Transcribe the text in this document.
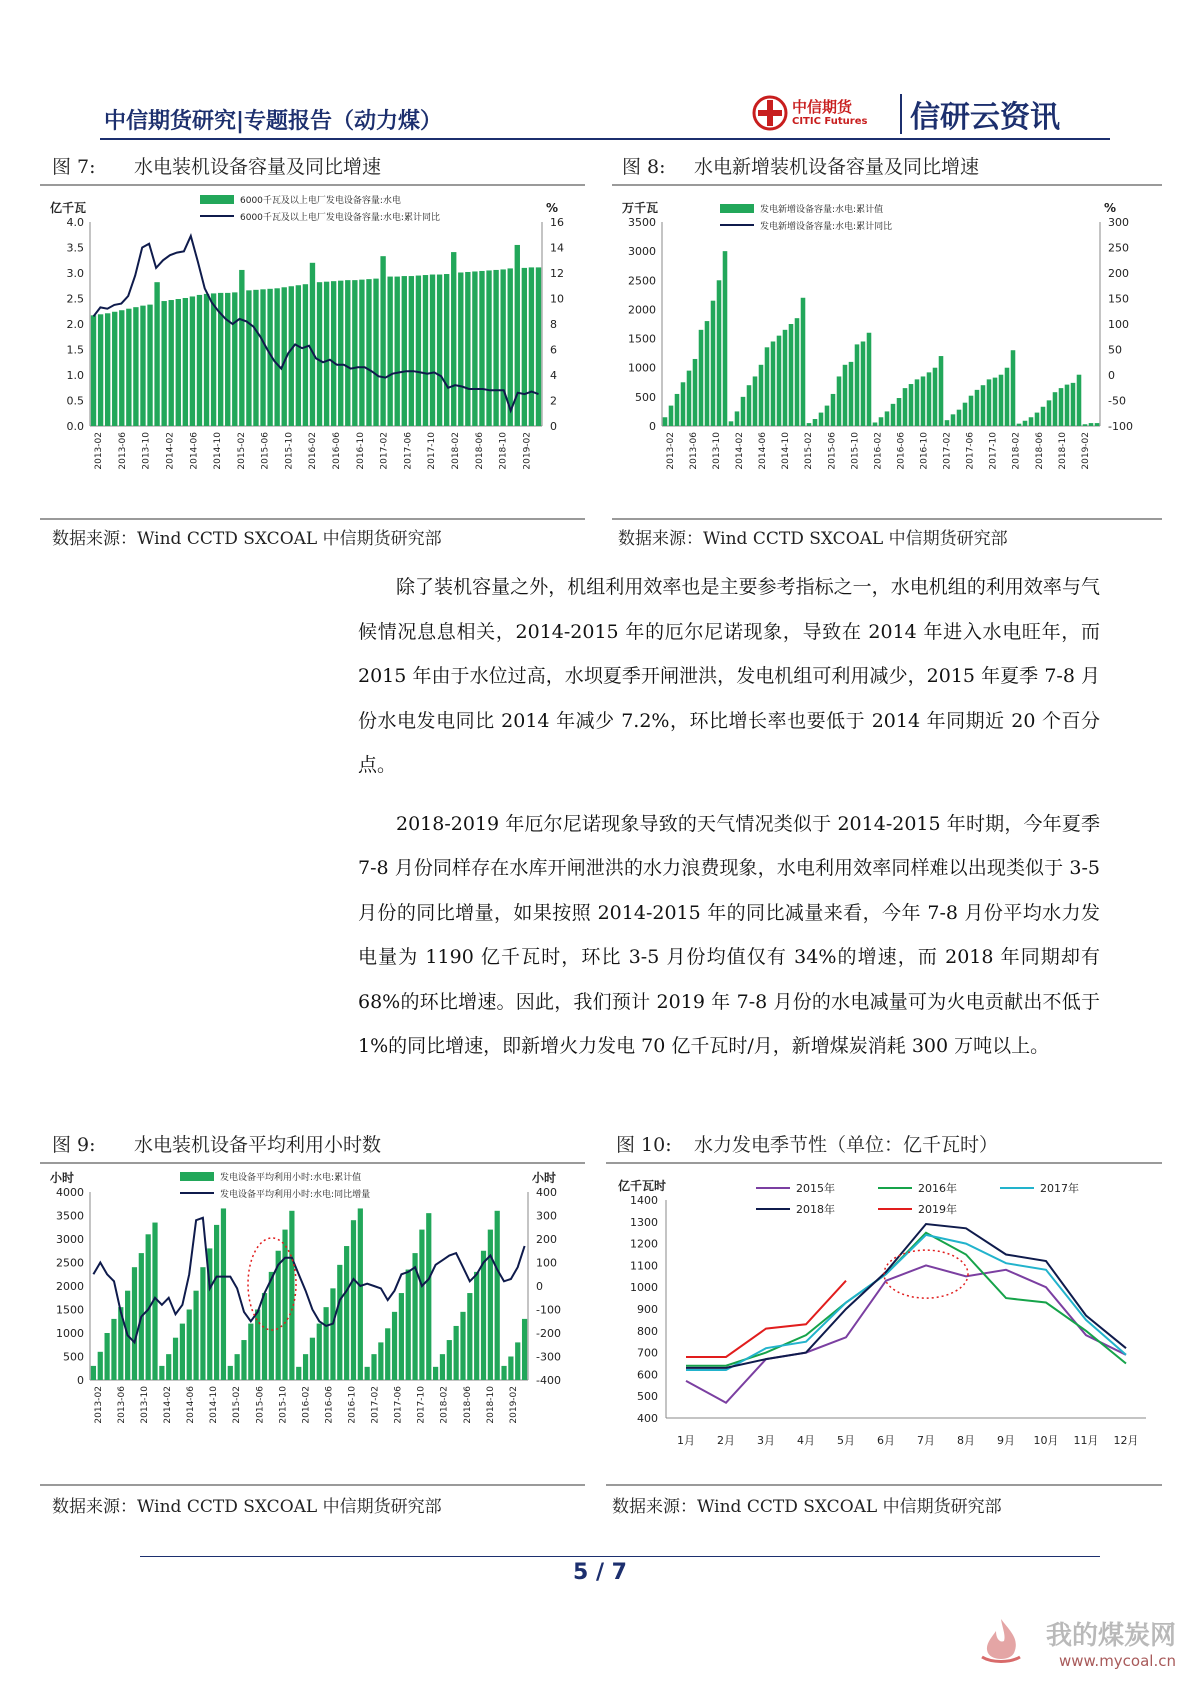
中信期货研究|专题报告（动力煤）
中信期货
CITIC Futures 信研云资讯
图 7: 水电装机设备容量及同比增速
亿千瓦	%
4.0
3.5
3.0
2.5
2.0
1.5
1.0
0.5
0.0
16
14
12
10
8
6
4
2
0
2013-02 2013-06 2013-10 2014-02 2014-06 2014-10 2015-02 2015-06 2015-10 2016-02 2016-06 2016-10 2017-02 2017-06 2017-10 2018-02 2018-06 2018-10 2019-02
6000千瓦及以上电厂发电设备容量:水电
6000千瓦及以上电厂发电设备容量:水电:累计同比
数据来源：Wind CCTD SXCOAL 中信期货研究部
图 8: 水电新增装机设备容量及同比增速
万千瓦	%
3500
3000
2500
2000
1500
1000
500
0
300
250
200
150
100
50
0
-50
-100
2013-02 2013-06 2013-10 2014-02 2014-06 2014-10 2015-02 2015-06 2015-10 2016-02 2016-06 2016-10 2017-02 2017-06 2017-10 2018-02 2018-06 2018-10 2019-02
发电新增设备容量:水电:累计值
发电新增设备容量:水电:累计同比
数据来源：Wind CCTD SXCOAL 中信期货研究部

除了装机容量之外，机组利用效率也是主要参考指标之一，水电机组的利用效率与气候情况息息相关，2014-2015 年的厄尔尼诺现象，导致在 2014 年进入水电旺年，而 2015 年由于水位过高，水坝夏季开闸泄洪，发电机组可利用减少，2015 年夏季 7-8 月份水电发电同比 2014 年减少 7.2%，环比增长率也要低于 2014 年同期近 20 个百分点。

2018-2019 年厄尔尼诺现象导致的天气情况类似于 2014-2015 年时期，今年夏季 7-8 月份同样存在水库开闸泄洪的水力浪费现象，水电利用效率同样难以出现类似于 3-5 月份的同比增量，如果按照 2014-2015 年的同比减量来看，今年 7-8 月份平均水力发电量为 1190 亿千瓦时，环比 3-5 月份均值仅有 34%的增速，而 2018 年同期却有 68%的环比增速。因此，我们预计 2019 年 7-8 月份的水电减量可为火电贡献出不低于 1%的同比增速，即新增火力发电 70 亿千瓦时/月，新增煤炭消耗 300 万吨以上。

图 9: 水电装机设备平均利用小时数
小时	小时
4000
3500
3000
2500
2000
1500
1000
500
0
400
300
200
100
0
-100
-200
-300
-400
2013-02 2013-06 2013-10 2014-02 2014-06 2014-10 2015-02 2015-06 2015-10 2016-02 2016-06 2016-10 2017-02 2017-06 2017-10 2018-02 2018-06 2018-10 2019-02
发电设备平均利用小时:水电:累计值
发电设备平均利用小时:水电:同比增量
数据来源：Wind CCTD SXCOAL 中信期货研究部
图 10: 水力发电季节性（单位：亿千瓦时）
亿千瓦时
1400
1300
1200
1100
1000
900
800
700
600
500
400
1月 2月 3月 4月 5月 6月 7月 8月 9月 10月 11月 12月
2015年	2016年	2017年
2018年	2019年
数据来源：Wind CCTD SXCOAL 中信期货研究部
5 / 7
我的煤炭网
www.mycoal.cn
